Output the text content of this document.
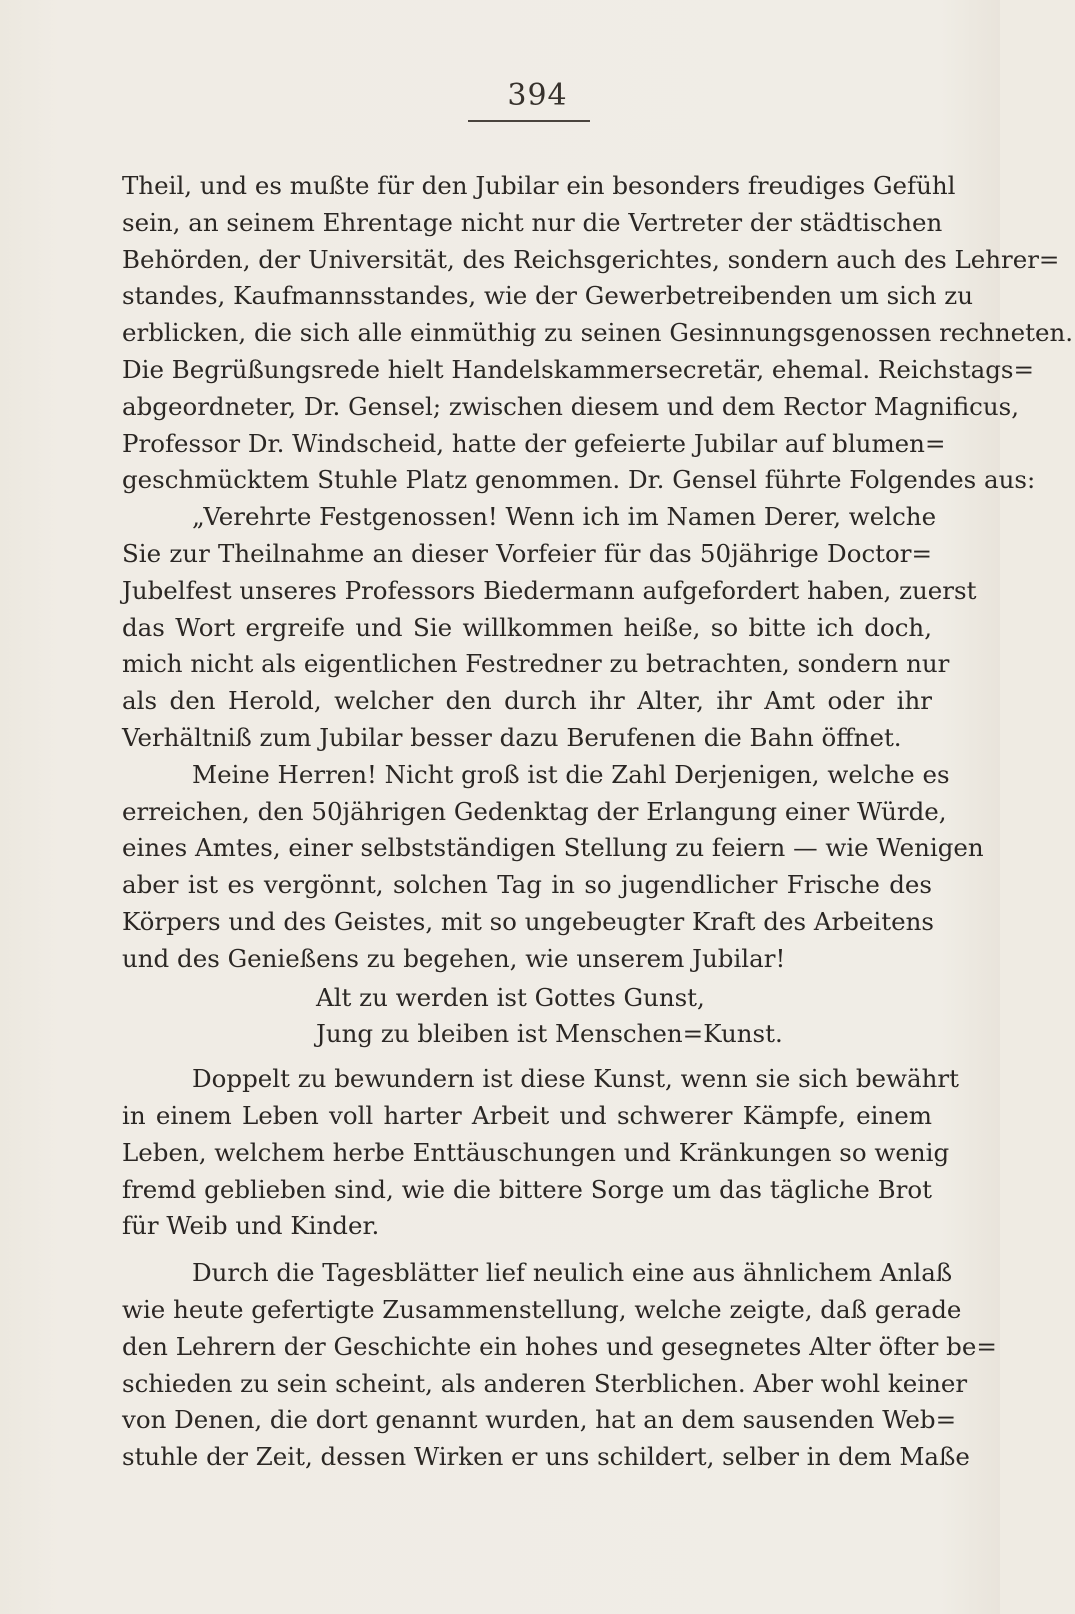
394
Theil, und es mußte für den Jubilar ein besonders freudiges Gefühl
sein, an seinem Ehrentage nicht nur die Vertreter der städtischen
Behörden, der Universität, des Reichsgerichtes, sondern auch des Lehrer=
standes, Kaufmannsstandes, wie der Gewerbetreibenden um sich zu
erblicken, die sich alle einmüthig zu seinen Gesinnungsgenossen rechneten.
Die Begrüßungsrede hielt Handelskammersecretär, ehemal. Reichstags=
abgeordneter, Dr. Gensel; zwischen diesem und dem Rector Magnificus,
Professor Dr. Windscheid, hatte der gefeierte Jubilar auf blumen=
geschmücktem Stuhle Platz genommen. Dr. Gensel führte Folgendes aus:
„Verehrte Festgenossen! Wenn ich im Namen Derer, welche
Sie zur Theilnahme an dieser Vorfeier für das 50jährige Doctor=
Jubelfest unseres Professors Biedermann aufgefordert haben, zuerst
das Wort ergreife und Sie willkommen heiße, so bitte ich doch,
mich nicht als eigentlichen Festredner zu betrachten, sondern nur
als den Herold, welcher den durch ihr Alter, ihr Amt oder ihr
Verhältniß zum Jubilar besser dazu Berufenen die Bahn öffnet.
Meine Herren! Nicht groß ist die Zahl Derjenigen, welche es
erreichen, den 50jährigen Gedenktag der Erlangung einer Würde,
eines Amtes, einer selbstständigen Stellung zu feiern — wie Wenigen
aber ist es vergönnt, solchen Tag in so jugendlicher Frische des
Körpers und des Geistes, mit so ungebeugter Kraft des Arbeitens
und des Genießens zu begehen, wie unserem Jubilar!
Alt zu werden ist Gottes Gunst,
Jung zu bleiben ist Menschen=Kunst.
Doppelt zu bewundern ist diese Kunst, wenn sie sich bewährt
in einem Leben voll harter Arbeit und schwerer Kämpfe, einem
Leben, welchem herbe Enttäuschungen und Kränkungen so wenig
fremd geblieben sind, wie die bittere Sorge um das tägliche Brot
für Weib und Kinder.
Durch die Tagesblätter lief neulich eine aus ähnlichem Anlaß
wie heute gefertigte Zusammenstellung, welche zeigte, daß gerade
den Lehrern der Geschichte ein hohes und gesegnetes Alter öfter be=
schieden zu sein scheint, als anderen Sterblichen. Aber wohl keiner
von Denen, die dort genannt wurden, hat an dem sausenden Web=
stuhle der Zeit, dessen Wirken er uns schildert, selber in dem Maße
